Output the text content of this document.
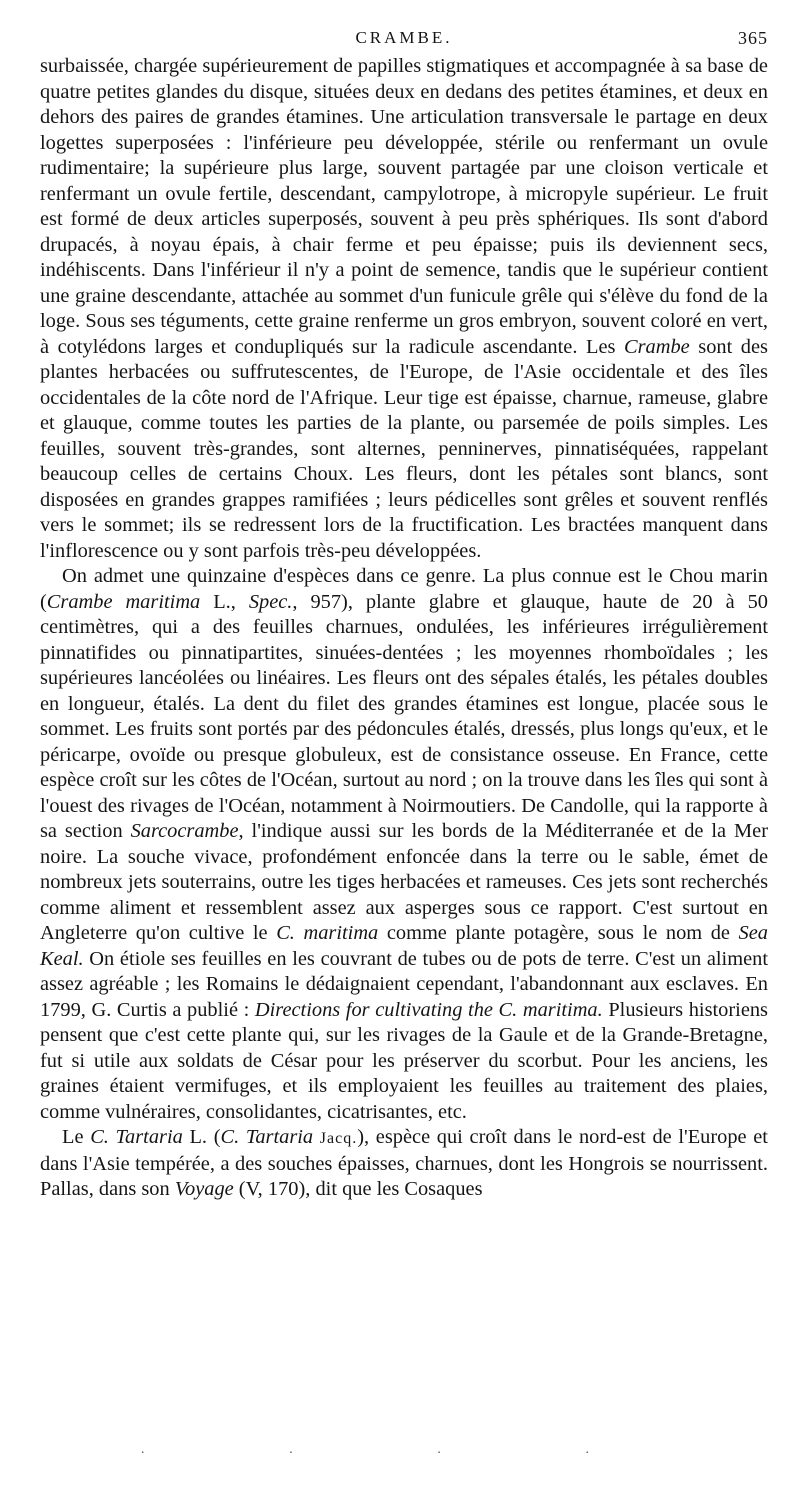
CRAMBE.	365

surbaissée, chargée supérieurement de papilles stigmatiques et accompagnée à sa base de quatre petites glandes du disque, situées deux en dedans des petites étamines, et deux en dehors des paires de grandes étamines. Une articulation transversale le partage en deux logettes superposées : l'inférieure peu développée, stérile ou renfermant un ovule rudimentaire; la supérieure plus large, souvent partagée par une cloison verticale et renfermant un ovule fertile, descendant, campylotrope, à micropyle supérieur. Le fruit est formé de deux articles superposés, souvent à peu près sphériques. Ils sont d'abord drupacés, à noyau épais, à chair ferme et peu épaisse; puis ils deviennent secs, indéhiscents. Dans l'inférieur il n'y a point de semence, tandis que le supérieur contient une graine descendante, attachée au sommet d'un funicule grêle qui s'élève du fond de la loge. Sous ses téguments, cette graine renferme un gros embryon, souvent coloré en vert, à cotylédons larges et condupliqués sur la radicule ascendante. Les Crambe sont des plantes herbacées ou suffrutescentes, de l'Europe, de l'Asie occidentale et des îles occidentales de la côte nord de l'Afrique. Leur tige est épaisse, charnue, rameuse, glabre et glauque, comme toutes les parties de la plante, ou parsemée de poils simples. Les feuilles, souvent très-grandes, sont alternes, penninerves, pinnatiséquées, rappelant beaucoup celles de certains Choux. Les fleurs, dont les pétales sont blancs, sont disposées en grandes grappes ramifiées ; leurs pédicelles sont grêles et souvent renflés vers le sommet; ils se redressent lors de la fructification. Les bractées manquent dans l'inflorescence ou y sont parfois très-peu développées.

On admet une quinzaine d'espèces dans ce genre. La plus connue est le Chou marin (Crambe maritima L., Spec., 957), plante glabre et glauque, haute de 20 à 50 centimètres, qui a des feuilles charnues, ondulées, les inférieures irrégulièrement pinnatifides ou pinnatipartites, sinuées-dentées ; les moyennes rhomboïdales ; les supérieures lancéolées ou linéaires. Les fleurs ont des sépales étalés, les pétales doubles en longueur, étalés. La dent du filet des grandes étamines est longue, placée sous le sommet. Les fruits sont portés par des pédoncules étalés, dressés, plus longs qu'eux, et le péricarpe, ovoïde ou presque globuleux, est de consistance osseuse. En France, cette espèce croît sur les côtes de l'Océan, surtout au nord ; on la trouve dans les îles qui sont à l'ouest des rivages de l'Océan, notamment à Noirmoutiers. De Candolle, qui la rapporte à sa section Sarcocrambe, l'indique aussi sur les bords de la Méditerranée et de la Mer noire. La souche vivace, profondément enfoncée dans la terre ou le sable, émet de nombreux jets souterrains, outre les tiges herbacées et rameuses. Ces jets sont recherchés comme aliment et ressemblent assez aux asperges sous ce rapport. C'est surtout en Angleterre qu'on cultive le C. maritima comme plante potagère, sous le nom de Sea Keal. On étiole ses feuilles en les couvrant de tubes ou de pots de terre. C'est un aliment assez agréable ; les Romains le dédaignaient cependant, l'abandonnant aux esclaves. En 1799, G. Curtis a publié : Directions for cultivating the C. maritima. Plusieurs historiens pensent que c'est cette plante qui, sur les rivages de la Gaule et de la Grande-Bretagne, fut si utile aux soldats de César pour les préserver du scorbut. Pour les anciens, les graines étaient vermifuges, et ils employaient les feuilles au traitement des plaies, comme vulnéraires, consolidantes, cicatrisantes, etc.

Le C. Tartaria L. (C. Tartaria Jacq.), espèce qui croît dans le nord-est de l'Europe et dans l'Asie tempérée, a des souches épaisses, charnues, dont les Hongrois se nourrissent. Pallas, dans son Voyage (V, 170), dit que les Cosaques

· · · ·
